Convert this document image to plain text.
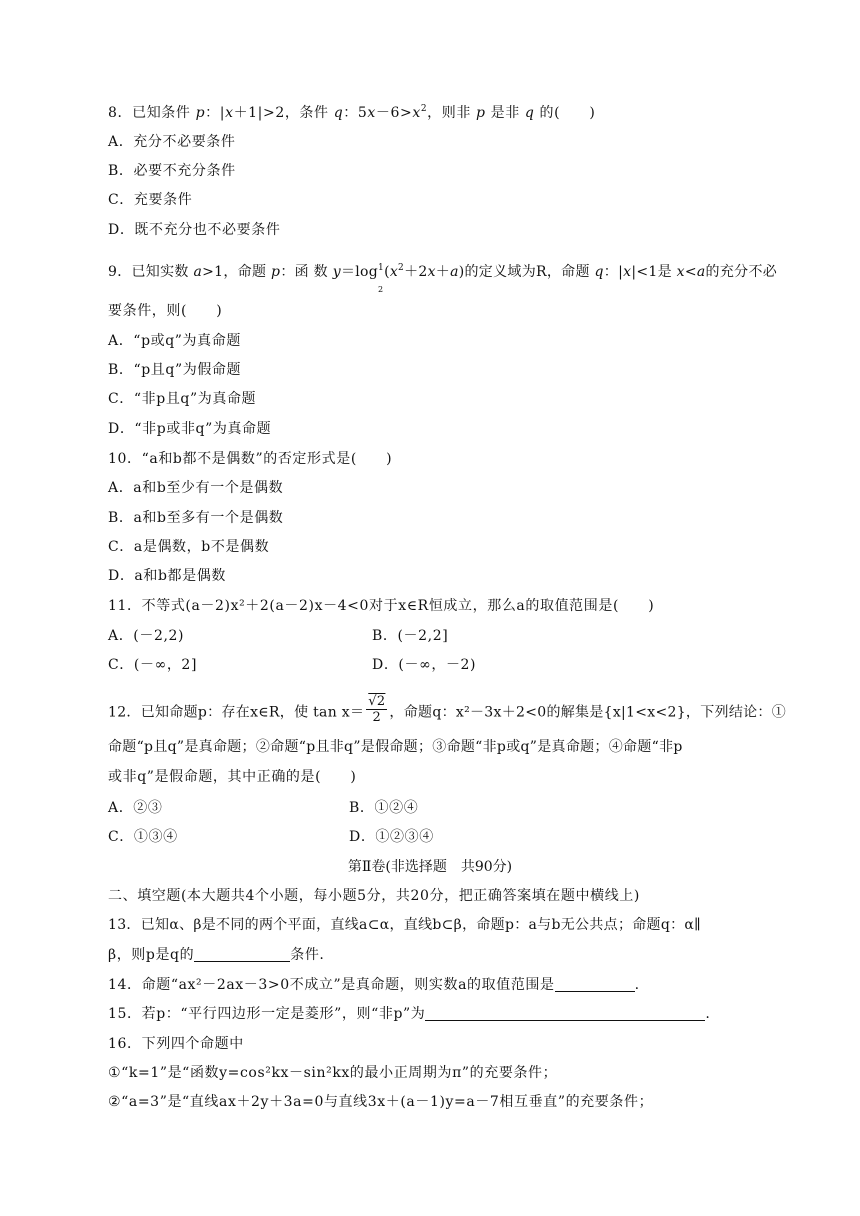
8．已知条件 p：|x＋1|>2，条件 q：$5x-6>x^2$，则非 p 是非 q 的(　　)
A．充分不必要条件
B．必要不充分条件
C．充要条件
D．既不充分也不必要条件
9．已知实数 a>1，命题 p：函 数 $y=\log^1$
2
$(x^2+2x+a)$的定义域为R，命题 q：|x|<1是 x<a的充分不必
要条件，则(　　)
A．“p或q”为真命题
B．“p且q”为假命题
C．“非p且q”为真命题
D．“非p或非q”为真命题
10．“a和b都不是偶数”的否定形式是(　　)
A．a和b至少有一个是偶数
B．a和b至多有一个是偶数
C．a是偶数，b不是偶数
D．a和b都是偶数
11．不等式(a－2)x²＋2(a－2)x－4<0对于x∈R恒成立，那么a的取值范围是(　　)
A．(－2,2)	B．(－2,2]
C．(－∞，2]	D．(－∞，－2)
12．已知命题p：存在x∈R，使 $\tan x= \frac{√2}{2}$ ，命题q：x²－3x＋2<0的解集是{x|1<x<2}，下列结论：①
命题“p且q”是真命题；②命题“p且非q”是假命题；③命题“非p或q”是真命题；④命题“非p
或非q”是假命题，其中正确的是(　　)
A．②③	B．①②④
C．①③④	D．①②③④
第Ⅱ卷(非选择题　共90分)
二、填空题(本大题共4个小题，每小题5分，共20分，把正确答案填在题中横线上)
13．已知α、β是不同的两个平面，直线a⊂α，直线b⊂β，命题p：a与b无公共点；命题q：α∥
β，则p是q的	条件.
14．命题“ax²－2ax－3>0不成立”是真命题，则实数a的取值范围是	.
15．若p：“平行四边形一定是菱形”，则“非p”为	.
16．下列四个命题中
①“k=1”是“函数y=cos²kx－sin²kx的最小正周期为π”的充要条件；
②“a=3”是“直线ax＋2y＋3a=0与直线3x＋(a－1)y=a－7相互垂直”的充要条件；
